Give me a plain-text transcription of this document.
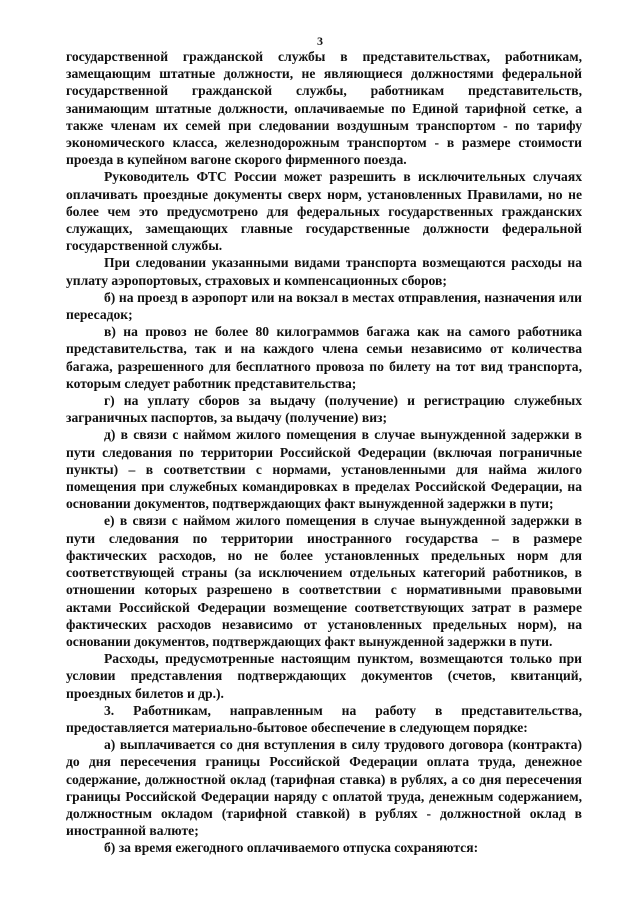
3

государственной гражданской службы в представительствах, работникам, замещающим штатные должности, не являющиеся должностями федеральной государственной гражданской службы, работникам представительств, занимающим штатные должности, оплачиваемые по Единой тарифной сетке, а также членам их семей при следовании воздушным транспортом - по тарифу экономического класса, железнодорожным транспортом - в размере стоимости проезда в купейном вагоне скорого фирменного поезда.

Руководитель ФТС России может разрешить в исключительных случаях оплачивать проездные документы сверх норм, установленных Правилами, но не более чем это предусмотрено для федеральных государственных гражданских служащих, замещающих главные государственные должности федеральной государственной службы.

При следовании указанными видами транспорта возмещаются расходы на уплату аэропортовых, страховых и компенсационных сборов;

б) на проезд в аэропорт или на вокзал в местах отправления, назначения или пересадок;

в) на провоз не более 80 килограммов багажа как на самого работника представительства, так и на каждого члена семьи независимо от количества багажа, разрешенного для бесплатного провоза по билету на тот вид транспорта, которым следует работник представительства;

г) на уплату сборов за выдачу (получение) и регистрацию служебных заграничных паспортов, за выдачу (получение) виз;

д) в связи с наймом жилого помещения в случае вынужденной задержки в пути следования по территории Российской Федерации (включая пограничные пункты) – в соответствии с нормами, установленными для найма жилого помещения при служебных командировках в пределах Российской Федерации, на основании документов, подтверждающих факт вынужденной задержки в пути;

е) в связи с наймом жилого помещения в случае вынужденной задержки в пути следования по территории иностранного государства – в размере фактических расходов, но не более установленных предельных норм для соответствующей страны (за исключением отдельных категорий работников, в отношении которых разрешено в соответствии с нормативными правовыми актами Российской Федерации возмещение соответствующих затрат в размере фактических расходов независимо от установленных предельных норм), на основании документов, подтверждающих факт вынужденной задержки в пути.

Расходы, предусмотренные настоящим пунктом, возмещаются только при условии представления подтверждающих документов (счетов, квитанций, проездных билетов и др.).

3. Работникам, направленным на работу в представительства, предоставляется материально-бытовое обеспечение в следующем порядке:

а) выплачивается со дня вступления в силу трудового договора (контракта) до дня пересечения границы Российской Федерации оплата труда, денежное содержание, должностной оклад (тарифная ставка) в рублях, а со дня пересечения границы Российской Федерации наряду с оплатой труда, денежным содержанием, должностным окладом (тарифной ставкой) в рублях - должностной оклад в иностранной валюте;

б) за время ежегодного оплачиваемого отпуска сохраняются:
